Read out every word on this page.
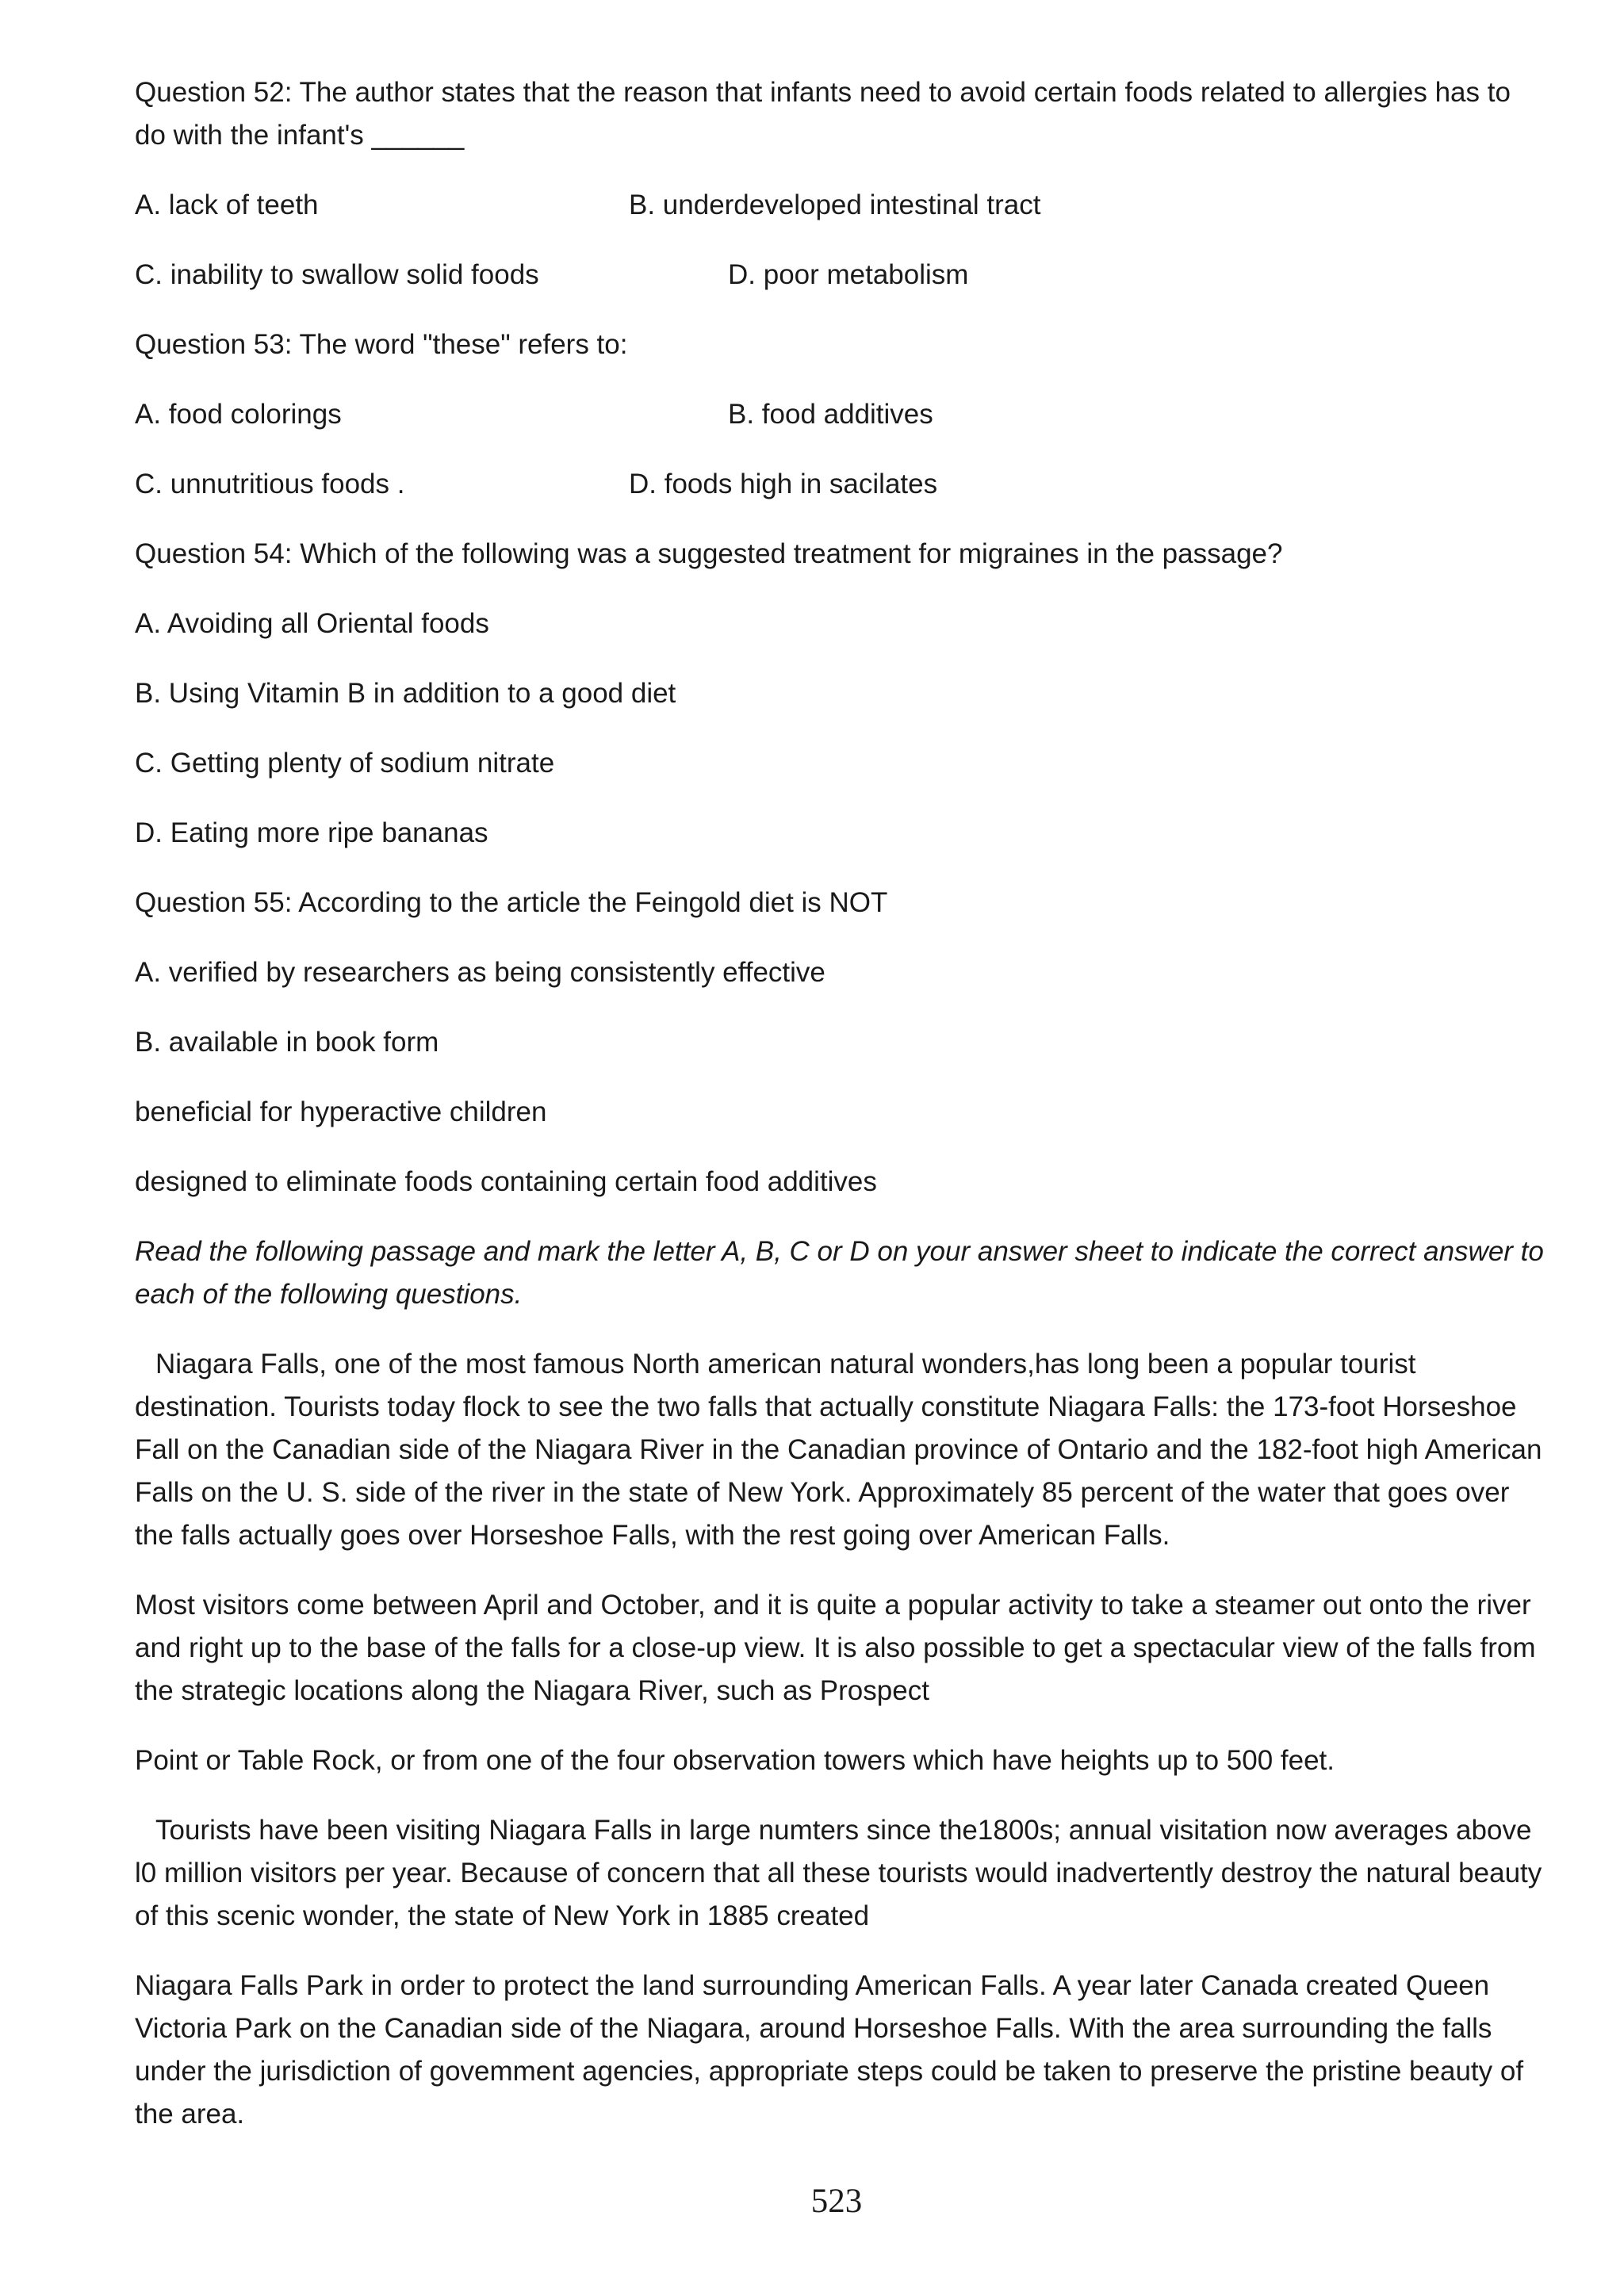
Question 52: The author states that the reason that infants need to avoid certain foods related to allergies has to do with the infant's ______
A. lack of teeth	B. underdeveloped intestinal tract
C. inability to swallow solid foods	D. poor metabolism
Question 53: The word "these" refers to:
A. food colorings	B. food additives
C. unnutritious foods .	D. foods high in sacilates
Question 54: Which of the following was a suggested treatment for migraines in the passage?
A. Avoiding all Oriental foods
B. Using Vitamin B in addition to a good diet
C. Getting plenty of sodium nitrate
D. Eating more ripe bananas
Question 55: According to the article the Feingold diet is NOT
A. verified by researchers as being consistently effective
B. available in book form
beneficial for hyperactive children
designed to eliminate foods containing certain food additives
Read the following passage and mark the letter A, B, C or D on your answer sheet to indicate the correct answer to each of the following questions.
Niagara Falls, one of the most famous North american natural wonders,has long been a popular tourist destination. Tourists today flock to see the two falls that actually constitute Niagara Falls: the 173-foot Horseshoe Fall on the Canadian side of the Niagara River in the Canadian province of Ontario and the 182-foot high American Falls on the U. S. side of the river in the state of New York. Approximately 85 percent of the water that goes over the falls actually goes over Horseshoe Falls, with the rest going over American Falls.
Most visitors come between April and October, and it is quite a popular activity to take a steamer out onto the river and right up to the base of the falls for a close-up view. It is also possible to get a spectacular view of the falls from the strategic locations along the Niagara River, such as Prospect
Point or Table Rock, or from one of the four observation towers which have heights up to 500 feet.
Tourists have been visiting Niagara Falls in large numters since the1800s; annual visitation now averages above l0 million visitors per year. Because of concern that all these tourists would inadvertently destroy the natural beauty of this scenic wonder, the state of New York in 1885 created
Niagara Falls Park in order to protect the land surrounding American Falls. A year later Canada created Queen Victoria Park on the Canadian side of the Niagara, around Horseshoe Falls. With the area surrounding the falls under the jurisdiction of govemment agencies, appropriate steps could be taken to preserve the pristine beauty of the area.
523
